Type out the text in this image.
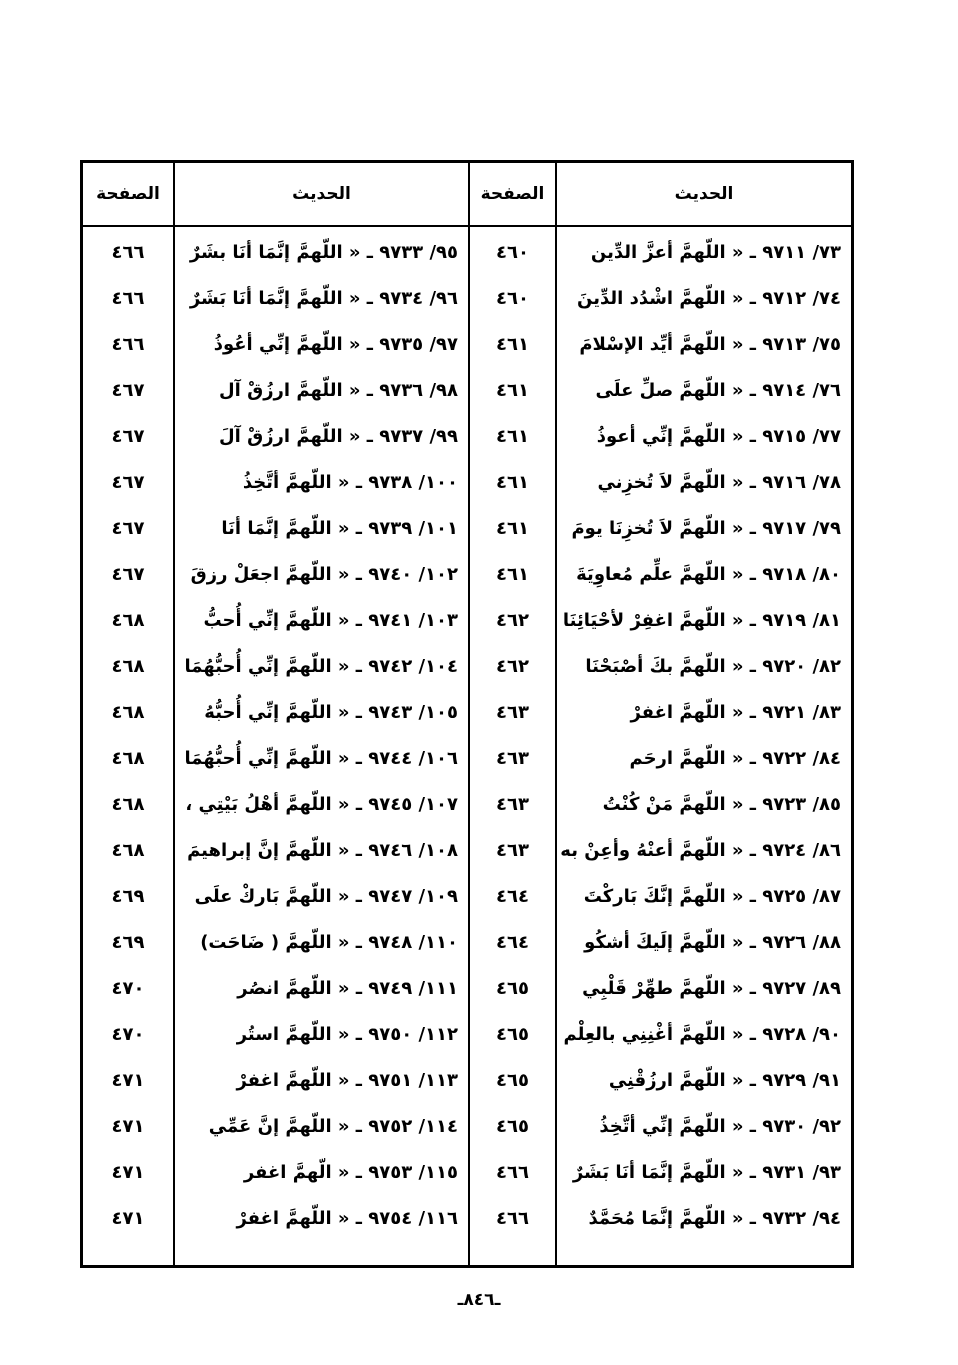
الصفحة	الحديث	الصفحة	الحديث
٤٦٦	٩٥/ ٩٧٣٣ ـ « اللّهمَّ إنَّمَا أنَا بشَرٌ	٤٦٠	٧٣/ ٩٧١١ ـ « اللّهمَّ أعزَّ الدِّين
٤٦٦	٩٦/ ٩٧٣٤ ـ « اللّهمَّ إنَّمَا أنَا بَشَرٌ	٤٦٠	٧٤/ ٩٧١٢ ـ « اللّهمَّ اشْدُد الدِّينَ
٤٦٦	٩٧/ ٩٧٣٥ ـ « اللّهمَّ إنِّي أعُوذُ	٤٦١	٧٥/ ٩٧١٣ ـ « اللّهمَّ أيِّد الإسْلامَ
٤٦٧	٩٨/ ٩٧٣٦ ـ « اللّهمَّ ارزُقْ آل	٤٦١	٧٦/ ٩٧١٤ ـ « اللّهمَّ صلِّ علَى
٤٦٧	٩٩/ ٩٧٣٧ ـ « اللّهمَّ ارزُقْ آلَ	٤٦١	٧٧/ ٩٧١٥ ـ « اللّهمَّ إنِّي أعوذُ
٤٦٧	١٠٠/ ٩٧٣٨ ـ « اللّهمَّ أتَّخِذُ	٤٦١	٧٨/ ٩٧١٦ ـ « اللّهمَّ لاَ تُخزِني
٤٦٧	١٠١/ ٩٧٣٩ ـ « اللّهمَّ إنَّمَا أنَا	٤٦١	٧٩/ ٩٧١٧ ـ « اللّهمَّ لاَ تُخزِنَا يومَ
٤٦٧	١٠٢/ ٩٧٤٠ ـ « اللّهمَّ اجعَلْ رزقَ	٤٦١	٨٠/ ٩٧١٨ ـ « اللّهمَّ علِّم مُعاوِيَةَ
٤٦٨	١٠٣/ ٩٧٤١ ـ « اللّهمَّ إنِّي أُحبُّ	٤٦٢	٨١/ ٩٧١٩ ـ « اللّهمَّ اغفِرْ لأحْيَائِنَا
٤٦٨	١٠٤/ ٩٧٤٢ ـ « اللّهمَّ إنِّي أُحبُّهُمَا	٤٦٢	٨٢/ ٩٧٢٠ ـ « اللّهمَّ بكَ أصْبَحْنَا
٤٦٨	١٠٥/ ٩٧٤٣ ـ « اللّهمَّ إنِّي أُحبُّهُ	٤٦٣	٨٣/ ٩٧٢١ ـ « اللّهمَّ اغفرْ
٤٦٨	١٠٦/ ٩٧٤٤ ـ « اللّهمَّ إنِّي أُحبُّهُمَا	٤٦٣	٨٤/ ٩٧٢٢ ـ « اللّهمَّ ارحَم
٤٦٨	١٠٧/ ٩٧٤٥ ـ « اللّهمَّ أهْلُ بَيْتِي ،	٤٦٣	٨٥/ ٩٧٢٣ ـ « اللّهمَّ مَنْ كُنْتُ
٤٦٨	١٠٨/ ٩٧٤٦ ـ « اللّهمَّ إنَّ إبراهيمَ	٤٦٣	٨٦/ ٩٧٢٤ ـ « اللّهمَّ أعنْهُ وأعِنْ به
٤٦٩	١٠٩/ ٩٧٤٧ ـ « اللّهمَّ بَاركْ علَى	٤٦٤	٨٧/ ٩٧٢٥ ـ « اللّهمَّ إنَّكَ بَاركْتَ
٤٦٩	١١٠/ ٩٧٤٨ ـ « اللّهمَّ ( ضَاحَت)	٤٦٤	٨٨/ ٩٧٢٦ ـ « اللّهمَّ إلَيكَ أشكُو
٤٧٠	١١١/ ٩٧٤٩ ـ « اللّهمَّ انصُر	٤٦٥	٨٩/ ٩٧٢٧ ـ « اللّهمَّ طهِّرْ قَلْبِي
٤٧٠	١١٢/ ٩٧٥٠ ـ « اللّهمَّ استُر	٤٦٥	٩٠/ ٩٧٢٨ ـ « اللّهمَّ أغْنِنِي بالعِلْم
٤٧١	١١٣/ ٩٧٥١ ـ « اللّهمَّ اغفرْ	٤٦٥	٩١/ ٩٧٢٩ ـ « اللّهمَّ ارزُقْنِي
٤٧١	١١٤/ ٩٧٥٢ ـ « اللّهمَّ إنَّ عَمِّي	٤٦٥	٩٢/ ٩٧٣٠ ـ « اللّهمَّ إنِّي أتَّخِذُ
٤٧١	١١٥/ ٩٧٥٣ ـ « الّهمَّ اغفر	٤٦٦	٩٣/ ٩٧٣١ ـ « اللّهمَّ إنَّمَا أنَا بَشَرٌ
٤٧١	١١٦/ ٩٧٥٤ ـ « اللّهمَّ اغفرْ	٤٦٦	٩٤/ ٩٧٣٢ ـ « اللّهمَّ إنَّمَا مُحَمَّدٌ
ـ٨٤٦ـ
